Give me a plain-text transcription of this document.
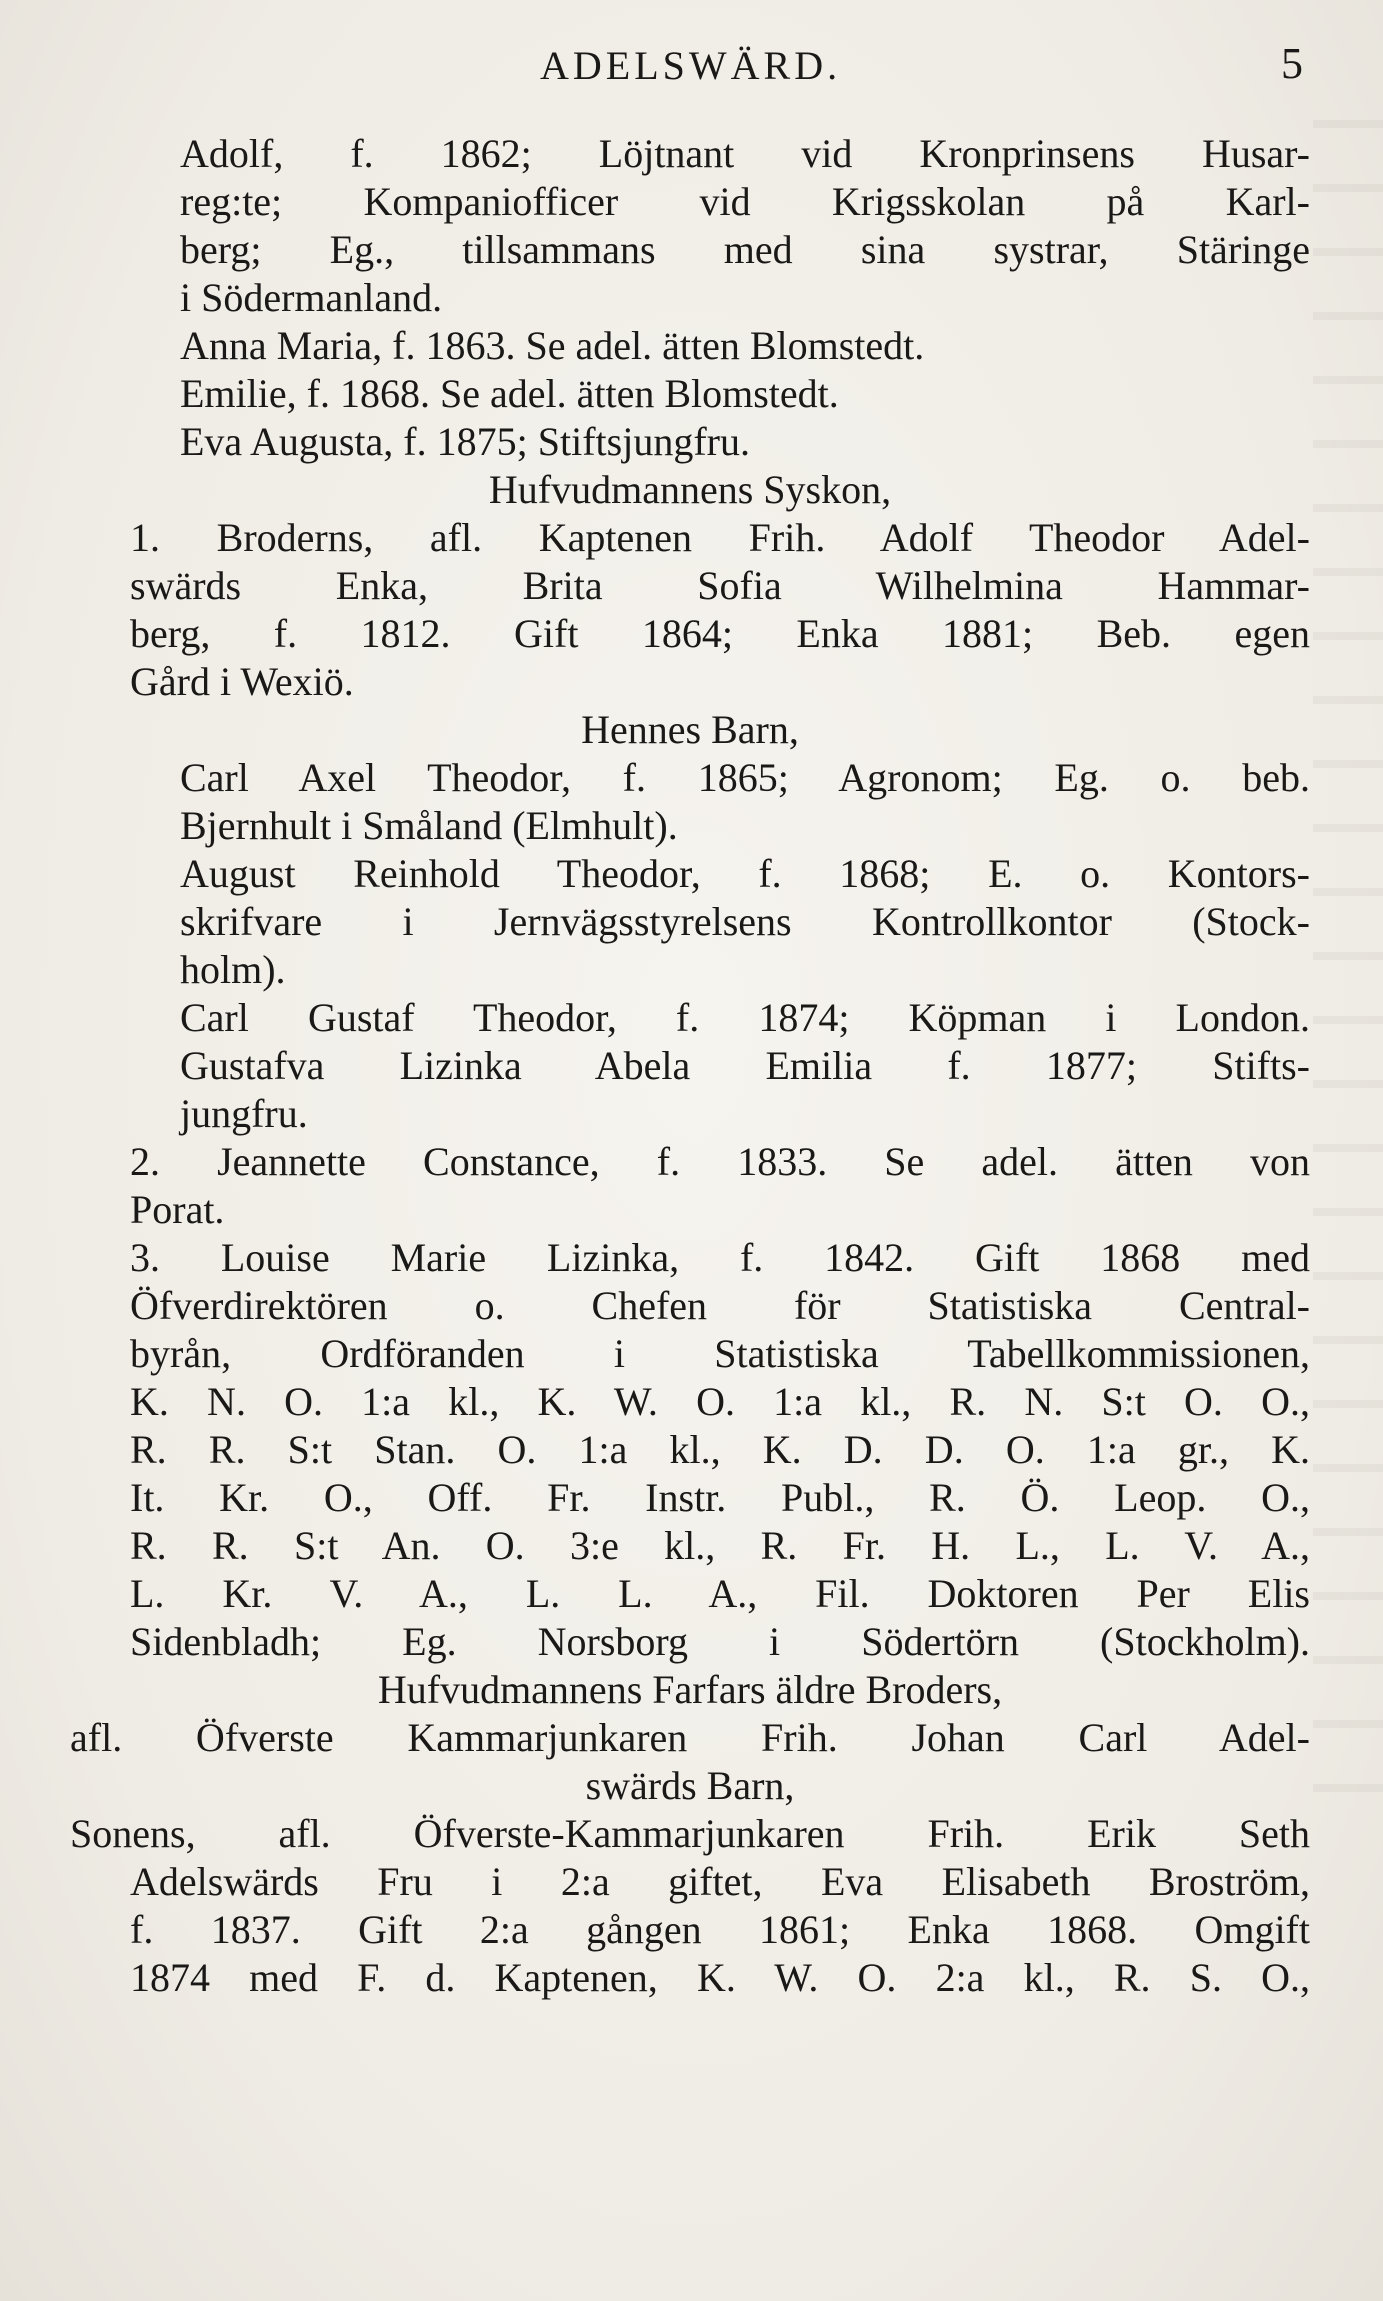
ADELSWÄRD.	5
Adolf, f. 1862; Löjtnant vid Kronprinsens Husar-
reg:te; Kompaniofficer vid Krigsskolan på Karl-
berg; Eg., tillsammans med sina systrar, Stäringe
i Södermanland.
Anna Maria, f. 1863. Se adel. ätten Blomstedt.
Emilie, f. 1868. Se adel. ätten Blomstedt.
Eva Augusta, f. 1875; Stiftsjungfru.
Hufvudmannens Syskon,
1. Broderns, afl. Kaptenen Frih. Adolf Theodor Adel-
swärds Enka, Brita Sofia Wilhelmina Hammar-
berg, f. 1812. Gift 1864; Enka 1881; Beb. egen
Gård i Wexiö.
Hennes Barn,
Carl Axel Theodor, f. 1865; Agronom; Eg. o. beb.
Bjernhult i Småland (Elmhult).
August Reinhold Theodor, f. 1868; E. o. Kontors-
skrifvare i Jernvägsstyrelsens Kontrollkontor (Stock-
holm).
Carl Gustaf Theodor, f. 1874; Köpman i London.
Gustafva Lizinka Abela Emilia f. 1877; Stifts-
jungfru.
2. Jeannette Constance, f. 1833. Se adel. ätten von
Porat.
3. Louise Marie Lizinka, f. 1842. Gift 1868 med
Öfverdirektören o. Chefen för Statistiska Central-
byrån, Ordföranden i Statistiska Tabellkommissionen,
K. N. O. 1:a kl., K. W. O. 1:a kl., R. N. S:t O. O.,
R. R. S:t Stan. O. 1:a kl., K. D. D. O. 1:a gr., K.
It. Kr. O., Off. Fr. Instr. Publ., R. Ö. Leop. O.,
R. R. S:t An. O. 3:e kl., R. Fr. H. L., L. V. A.,
L. Kr. V. A., L. L. A., Fil. Doktoren Per Elis
Sidenbladh; Eg. Norsborg i Södertörn (Stockholm).
Hufvudmannens Farfars äldre Broders,
afl. Öfverste Kammarjunkaren Frih. Johan Carl Adel-
swärds Barn,
Sonens, afl. Öfverste-Kammarjunkaren Frih. Erik Seth
Adelswärds Fru i 2:a giftet, Eva Elisabeth Broström,
f. 1837. Gift 2:a gången 1861; Enka 1868. Omgift
1874 med F. d. Kaptenen, K. W. O. 2:a kl., R. S. O.,
